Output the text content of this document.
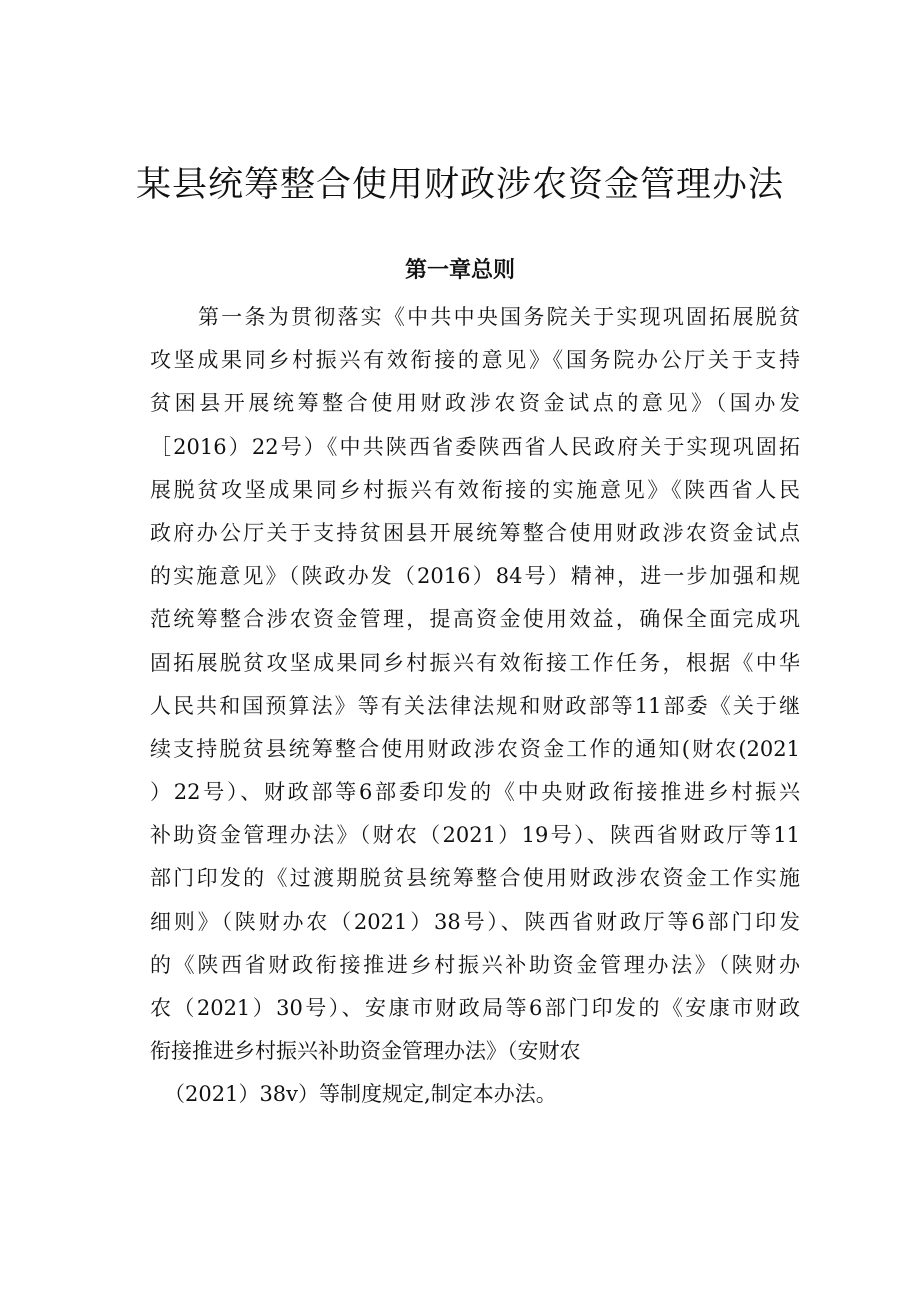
某县统筹整合使用财政涉农资金管理办法
第一章总则
第一条为贯彻落实《中共中央国务院关于实现巩固拓展脱贫
攻坚成果同乡村振兴有效衔接的意见》《国务院办公厅关于支持
贫困县开展统筹整合使用财政涉农资金试点的意见》（国办发
［2016）22号）《中共陕西省委陕西省人民政府关于实现巩固拓
展脱贫攻坚成果同乡村振兴有效衔接的实施意见》《陕西省人民
政府办公厅关于支持贫困县开展统筹整合使用财政涉农资金试点
的实施意见》（陕政办发（2016）84号）精神，进一步加强和规
范统筹整合涉农资金管理，提高资金使用效益，确保全面完成巩
固拓展脱贫攻坚成果同乡村振兴有效衔接工作任务，根据《中华
人民共和国预算法》等有关法律法规和财政部等11部委《关于继
续支持脱贫县统筹整合使用财政涉农资金工作的通知(财农(2021
）22号）、财政部等6部委印发的《中央财政衔接推进乡村振兴
补助资金管理办法》（财农（2021）19号）、陕西省财政厅等11
部门印发的《过渡期脱贫县统筹整合使用财政涉农资金工作实施
细则》（陕财办农（2021）38号）、陕西省财政厅等6部门印发
的《陕西省财政衔接推进乡村振兴补助资金管理办法》（陕财办
农（2021）30号）、安康市财政局等6部门印发的《安康市财政
衔接推进乡村振兴补助资金管理办法》（安财农
（2021）38v）等制度规定,制定本办法。
